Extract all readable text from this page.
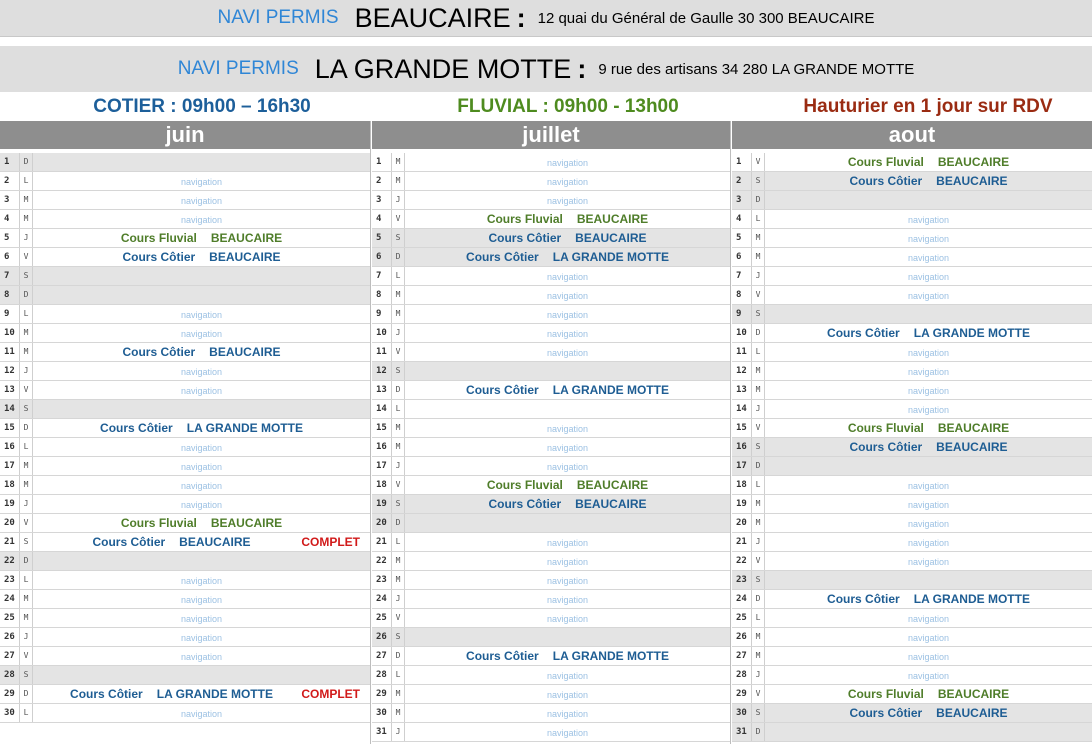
NAVI PERMIS BEAUCAIRE : 12 quai du Général de Gaulle 30 300 BEAUCAIRE
NAVI PERMIS LA GRANDE MOTTE : 9 rue des artisans 34 280 LA GRANDE MOTTE
COTIER : 09h00 – 16h30	FLUVIAL : 09h00 - 13h00	Hauturier en 1 jour sur RDV
juin	juillet	aout
1	D
2	L	navigation
3	M	navigation
4	M	navigation
5	J	Cours Fluvial BEAUCAIRE
6	V	Cours Côtier BEAUCAIRE
7	S
8	D
9	L	navigation
10	M	navigation
11	M	Cours Côtier BEAUCAIRE
12	J	navigation
13	V	navigation
14	S
15	D	Cours Côtier LA GRANDE MOTTE
16	L	navigation
17	M	navigation
18	M	navigation
19	J	navigation
20	V	Cours Fluvial BEAUCAIRE
21	S	Cours Côtier BEAUCAIRE	COMPLET
22	D
23	L	navigation
24	M	navigation
25	M	navigation
26	J	navigation
27	V	navigation
28	S
29	D	Cours Côtier LA GRANDE MOTTE	COMPLET
30	L	navigation
1	M	navigation
2	M	navigation
3	J	navigation
4	V	Cours Fluvial BEAUCAIRE
5	S	Cours Côtier BEAUCAIRE
6	D	Cours Côtier LA GRANDE MOTTE
7	L	navigation
8	M	navigation
9	M	navigation
10	J	navigation
11	V	navigation
12	S
13	D	Cours Côtier LA GRANDE MOTTE
14	L
15	M	navigation
16	M	navigation
17	J	navigation
18	V	Cours Fluvial BEAUCAIRE
19	S	Cours Côtier BEAUCAIRE
20	D
21	L	navigation
22	M	navigation
23	M	navigation
24	J	navigation
25	V	navigation
26	S
27	D	Cours Côtier LA GRANDE MOTTE
28	L	navigation
29	M	navigation
30	M	navigation
31	J	navigation
1	V	Cours Fluvial BEAUCAIRE
2	S	Cours Côtier BEAUCAIRE
3	D
4	L	navigation
5	M	navigation
6	M	navigation
7	J	navigation
8	V	navigation
9	S
10	D	Cours Côtier LA GRANDE MOTTE
11	L	navigation
12	M	navigation
13	M	navigation
14	J	navigation
15	V	Cours Fluvial BEAUCAIRE
16	S	Cours Côtier BEAUCAIRE
17	D
18	L	navigation
19	M	navigation
20	M	navigation
21	J	navigation
22	V	navigation
23	S
24	D	Cours Côtier LA GRANDE MOTTE
25	L	navigation
26	M	navigation
27	M	navigation
28	J	navigation
29	V	Cours Fluvial BEAUCAIRE
30	S	Cours Côtier BEAUCAIRE
31	D
